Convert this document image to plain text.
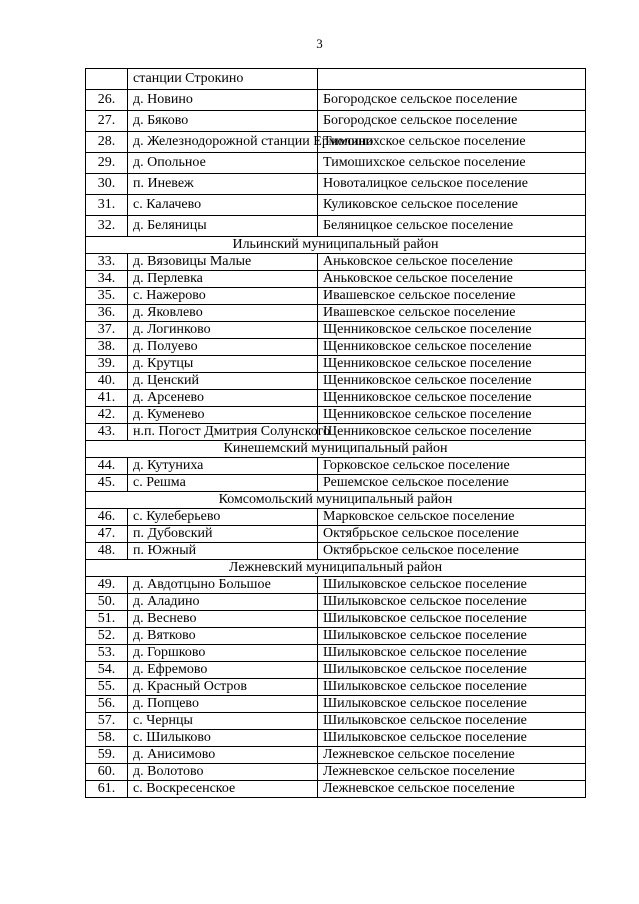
3
	станции Строкино	
26.	д. Новино	Богородское сельское поселение
27.	д. Бяково	Богородское сельское поселение
28.	д. Железнодорожной станции Ермолино	Тимошихское сельское поселение
29.	д. Опольное	Тимошихское сельское поселение
30.	п. Иневеж	Новоталицкое сельское поселение
31.	с. Калачево	Куликовское сельское поселение
32.	д. Беляницы	Беляницкое сельское поселение
Ильинский муниципальный район		
33.	д. Вязовицы Малые	Аньковское сельское поселение
34.	д. Перлевка	Аньковское сельское поселение
35.	с. Нажерово	Ивашевское сельское поселение
36.	д. Яковлево	Ивашевское сельское поселение
37.	д. Логинково	Щенниковское сельское поселение
38.	д. Полуево	Щенниковское сельское поселение
39.	д. Крутцы	Щенниковское сельское поселение
40.	д. Ценский	Щенниковское сельское поселение
41.	д. Арсенево	Щенниковское сельское поселение
42.	д. Куменево	Щенниковское сельское поселение
43.	н.п. Погост Дмитрия Солунского	Щенниковское сельское поселение
Кинешемский муниципальный район		
44.	д. Кутуниха	Горковское сельское поселение
45.	с. Решма	Решемское сельское поселение
Комсомольский муниципальный район		
46.	с. Кулеберьево	Марковское сельское поселение
47.	п. Дубовский	Октябрьское сельское поселение
48.	п. Южный	Октябрьское сельское поселение
Лежневский муниципальный район		
49.	д. Авдотцыно Большое	Шилыковское сельское поселение
50.	д. Аладино	Шилыковское сельское поселение
51.	д. Веснево	Шилыковское сельское поселение
52.	д. Вятково	Шилыковское сельское поселение
53.	д. Горшково	Шилыковское сельское поселение
54.	д. Ефремово	Шилыковское сельское поселение
55.	д. Красный Остров	Шилыковское сельское поселение
56.	д. Попцево	Шилыковское сельское поселение
57.	с. Чернцы	Шилыковское сельское поселение
58.	с. Шилыково	Шилыковское сельское поселение
59.	д. Анисимово	Лежневское сельское поселение
60.	д. Волотово	Лежневское сельское поселение
61.	с. Воскресенское	Лежневское сельское поселение
